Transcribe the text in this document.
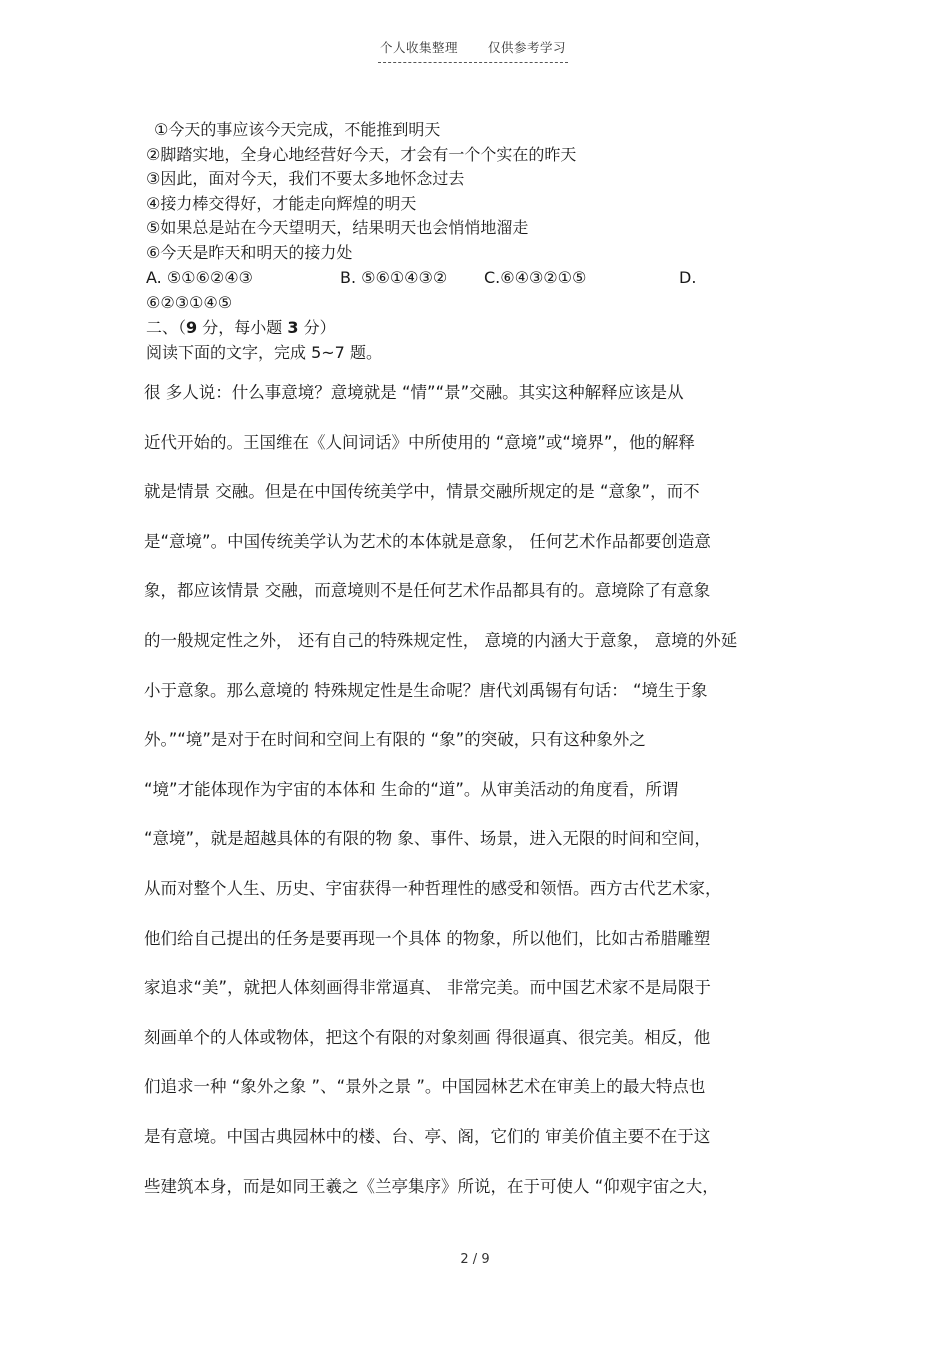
个人收集整理 仅供参考学习
①今天的事应该今天完成，不能推到明天
②脚踏实地，全身心地经营好今天，才会有一个个实在的昨天
③因此，面对今天，我们不要太多地怀念过去
④接力棒交得好，才能走向辉煌的明天
⑤如果总是站在今天望明天，结果明天也会悄悄地溜走
⑥今天是昨天和明天的接力处
A. ⑤①⑥②④③	B. ⑤⑥①④③② C.⑥④③②①⑤	D.
⑥②③①④⑤
二、（9 分，每小题 3 分）
阅读下面的文字，完成 5~7 题。
很 多人说：什么事意境？意境就是 “情”“景”交融。其实这种解释应该是从
近代开始的。王国维在《人间词话》中所使用的 “意境”或“境界”，他的解释
就是情景 交融。但是在中国传统美学中，情景交融所规定的是 “意象”，而不
是“意境”。中国传统美学认为艺术的本体就是意象， 任何艺术作品都要创造意
象，都应该情景 交融，而意境则不是任何艺术作品都具有的。意境除了有意象
的一般规定性之外， 还有自己的特殊规定性， 意境的内涵大于意象， 意境的外延
小于意象。那么意境的 特殊规定性是生命呢？唐代刘禹锡有句话： “境生于象
外。”“境”是对于在时间和空间上有限的 “象”的突破，只有这种象外之
“境”才能体现作为宇宙的本体和 生命的“道”。从审美活动的角度看，所谓
“意境”，就是超越具体的有限的物 象、事件、场景，进入无限的时间和空间，
从而对整个人生、历史、宇宙获得一种哲理性的感受和领悟。西方古代艺术家，
他们给自己提出的任务是要再现一个具体 的物象，所以他们，比如古希腊雕塑
家追求“美”，就把人体刻画得非常逼真、 非常完美。而中国艺术家不是局限于
刻画单个的人体或物体，把这个有限的对象刻画 得很逼真、很完美。相反，他
们追求一种 “象外之象 ”、“景外之景 ”。中国园林艺术在审美上的最大特点也
是有意境。中国古典园林中的楼、台、亭、阁，它们的 审美价值主要不在于这
些建筑本身，而是如同王羲之《兰亭集序》所说，在于可使人 “仰观宇宙之大，
2 / 9
